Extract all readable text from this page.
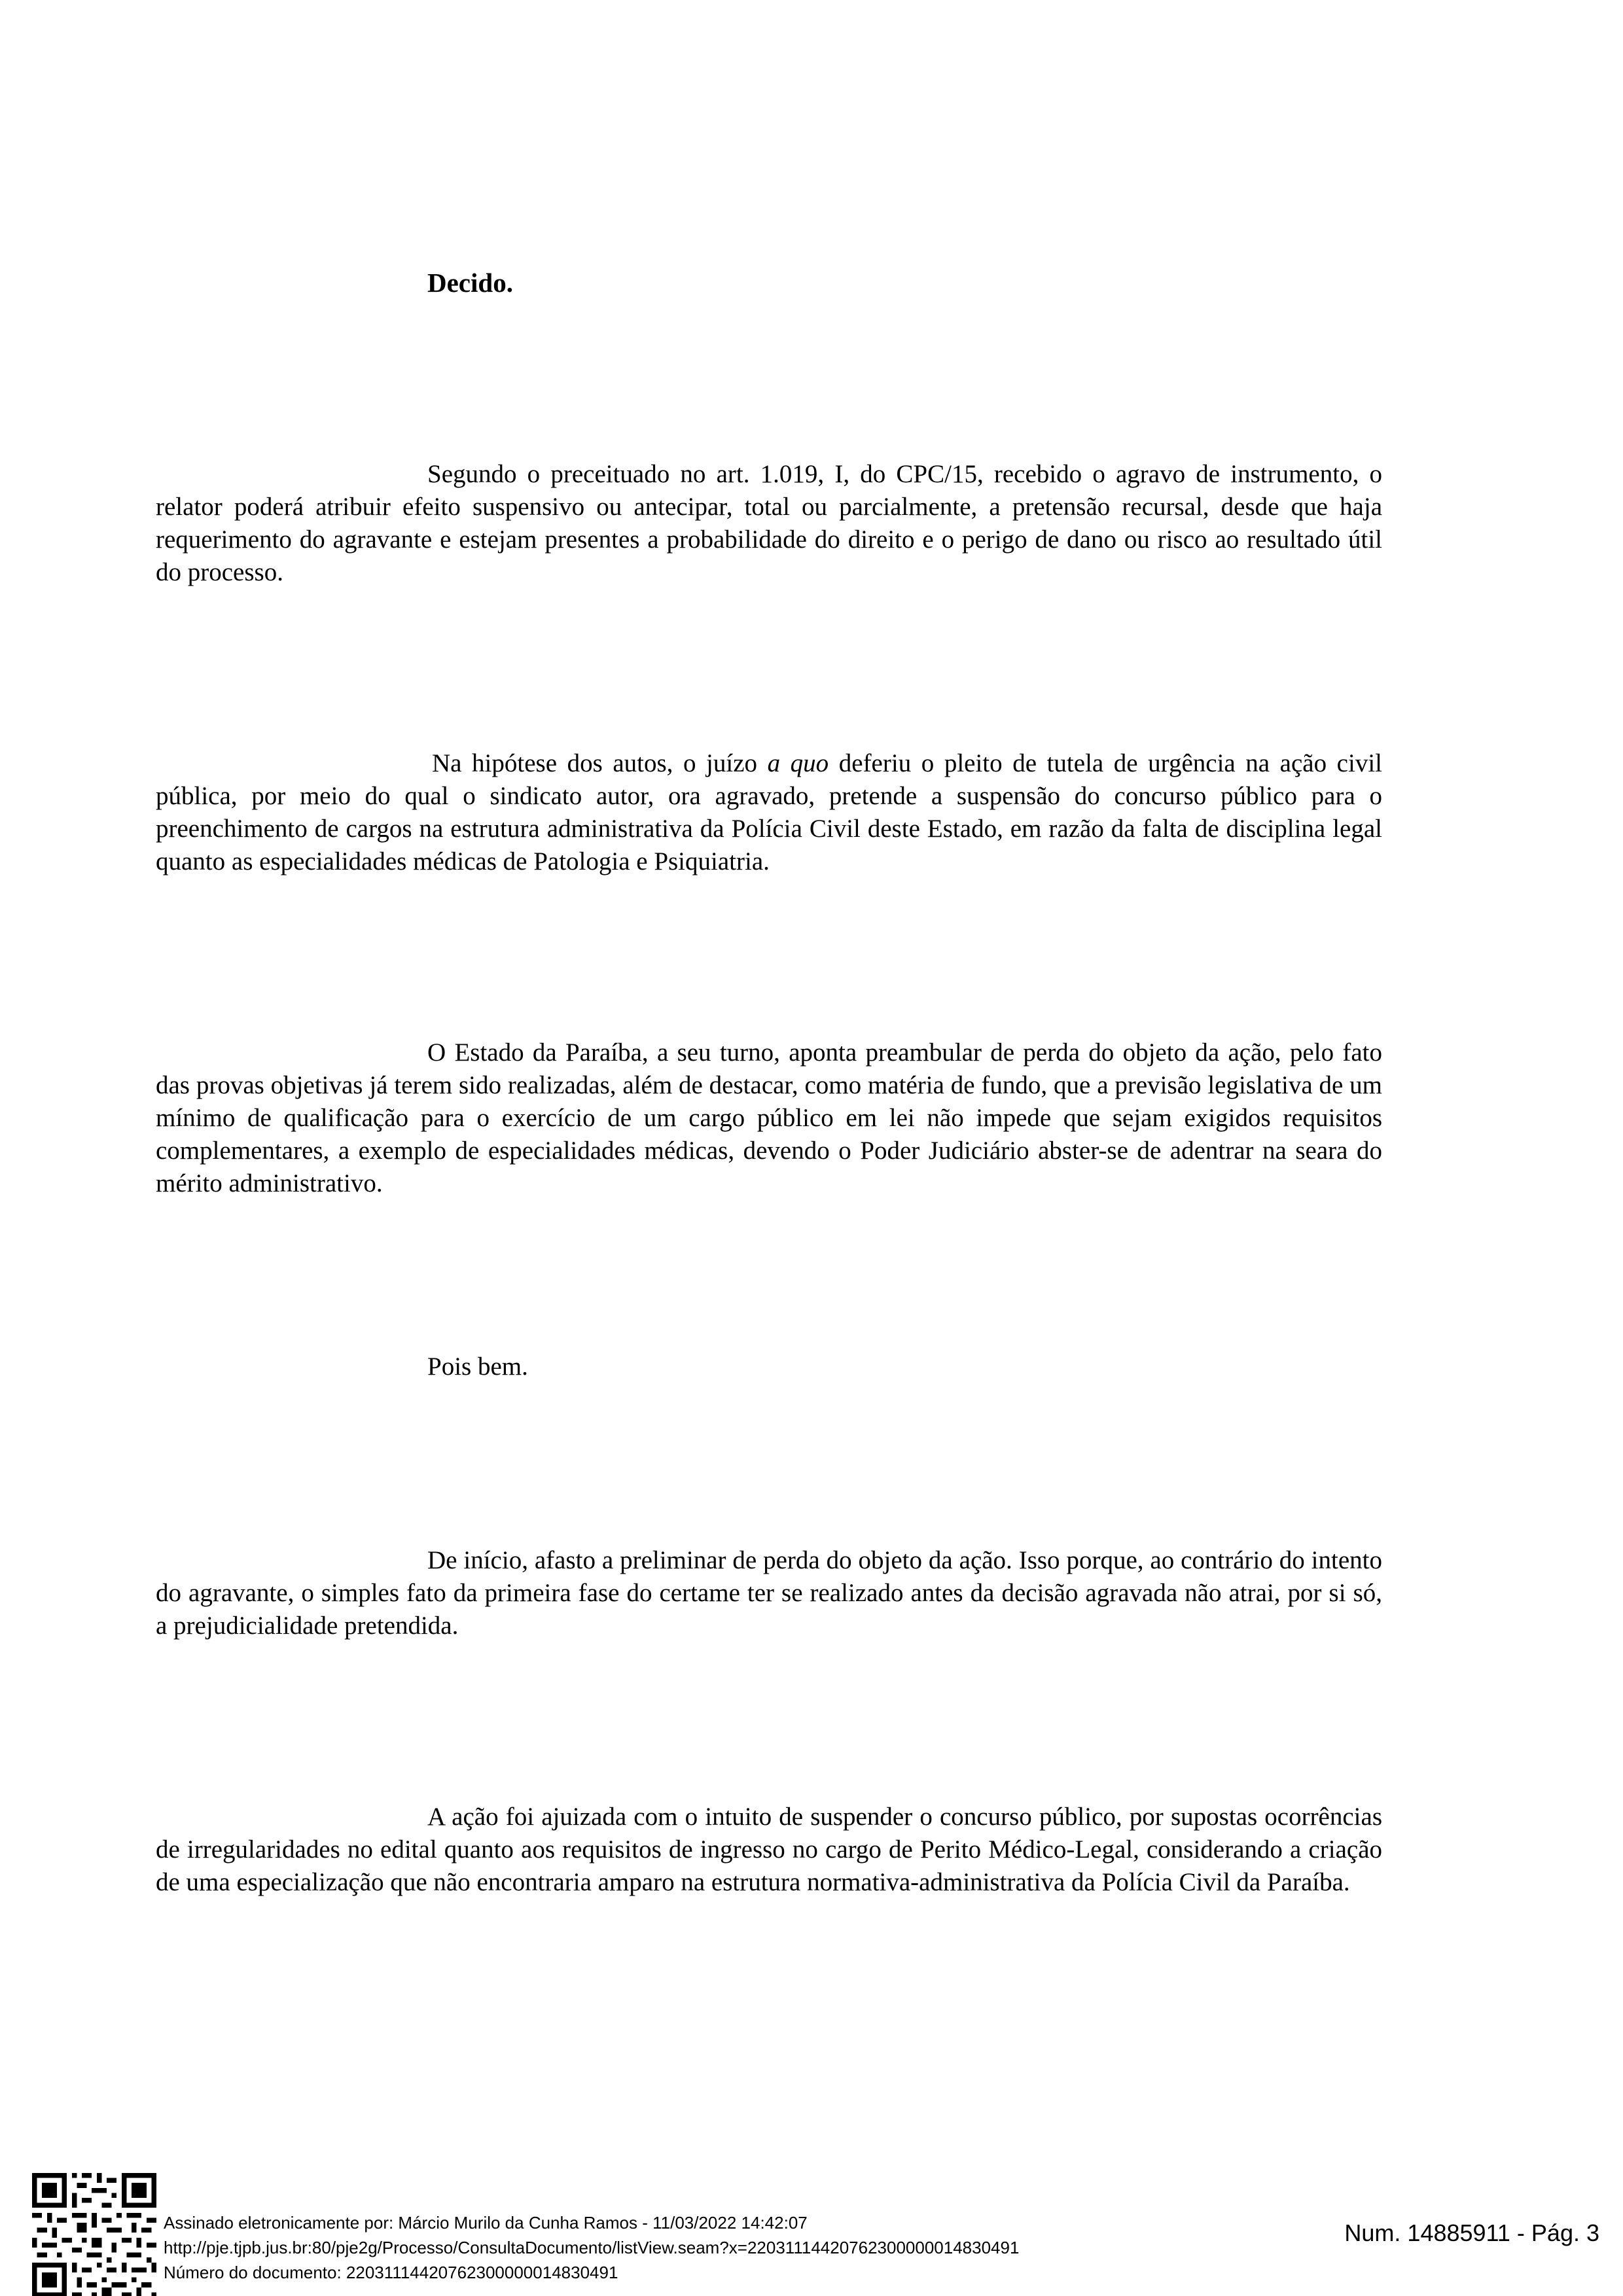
Decido.

Segundo o preceituado no art. 1.019, I, do CPC/15, recebido o agravo de instrumento, o relator poderá atribuir efeito suspensivo ou antecipar, total ou parcialmente, a pretensão recursal, desde que haja requerimento do agravante e estejam presentes a probabilidade do direito e o perigo de dano ou risco ao resultado útil do processo.

Na hipótese dos autos, o juízo a quo deferiu o pleito de tutela de urgência na ação civil pública, por meio do qual o sindicato autor, ora agravado, pretende a suspensão do concurso público para o preenchimento de cargos na estrutura administrativa da Polícia Civil deste Estado, em razão da falta de disciplina legal quanto as especialidades médicas de Patologia e Psiquiatria.

O Estado da Paraíba, a seu turno, aponta preambular de perda do objeto da ação, pelo fato das provas objetivas já terem sido realizadas, além de destacar, como matéria de fundo, que a previsão legislativa de um mínimo de qualificação para o exercício de um cargo público em lei não impede que sejam exigidos requisitos complementares, a exemplo de especialidades médicas, devendo o Poder Judiciário abster-se de adentrar na seara do mérito administrativo.

Pois bem.

De início, afasto a preliminar de perda do objeto da ação. Isso porque, ao contrário do intento do agravante, o simples fato da primeira fase do certame ter se realizado antes da decisão agravada não atrai, por si só, a prejudicialidade pretendida.

A ação foi ajuizada com o intuito de suspender o concurso público, por supostas ocorrências de irregularidades no edital quanto aos requisitos de ingresso no cargo de Perito Médico-Legal, considerando a criação de uma especialização que não encontraria amparo na estrutura normativa-administrativa da Polícia Civil da Paraíba.

Assinado eletronicamente por: Márcio Murilo da Cunha Ramos - 11/03/2022 14:42:07

http://pje.tjpb.jus.br:80/pje2g/Processo/ConsultaDocumento/listView.seam?x=22031114420762300000014830491

Número do documento: 22031114420762300000014830491

Num. 14885911 - Pág. 3
